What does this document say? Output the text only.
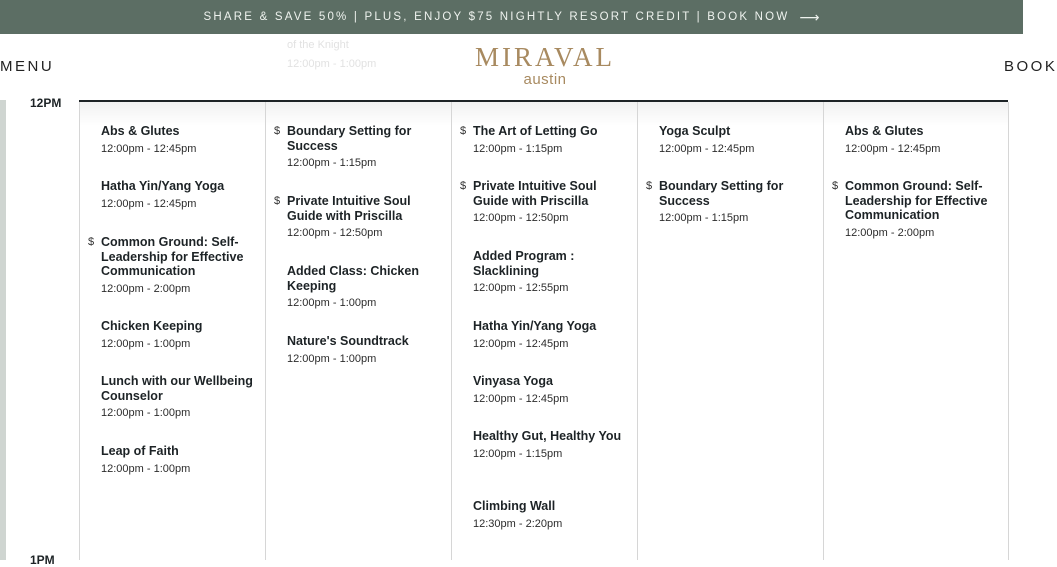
SHARE & SAVE 50% | PLUS, ENJOY $75 NIGHTLY RESORT CREDIT | BOOK NOW ⟶
of the Knight
12:00pm - 1:00pm
MENU	MIRAVAL
austin
BOOK
12PM
1PM
Abs & Glutes
12:00pm - 12:45pm
Hatha Yin/Yang Yoga
12:00pm - 12:45pm
$ Common Ground: Self-Leadership for Effective Communication
12:00pm - 2:00pm
Chicken Keeping
12:00pm - 1:00pm
Lunch with our Wellbeing Counselor
12:00pm - 1:00pm
Leap of Faith
12:00pm - 1:00pm
$ Boundary Setting for Success
12:00pm - 1:15pm
$ Private Intuitive Soul Guide with Priscilla
12:00pm - 12:50pm
Added Class: Chicken Keeping
12:00pm - 1:00pm
Nature's Soundtrack
12:00pm - 1:00pm
$ The Art of Letting Go
12:00pm - 1:15pm
$ Private Intuitive Soul Guide with Priscilla
12:00pm - 12:50pm
Added Program : Slacklining
12:00pm - 12:55pm
Hatha Yin/Yang Yoga
12:00pm - 12:45pm
Vinyasa Yoga
12:00pm - 12:45pm
Healthy Gut, Healthy You
12:00pm - 1:15pm
Climbing Wall
12:30pm - 2:20pm
Yoga Sculpt
12:00pm - 12:45pm
$ Boundary Setting for Success
12:00pm - 1:15pm
Abs & Glutes
12:00pm - 12:45pm
$ Common Ground: Self-Leadership for Effective Communication
12:00pm - 2:00pm
